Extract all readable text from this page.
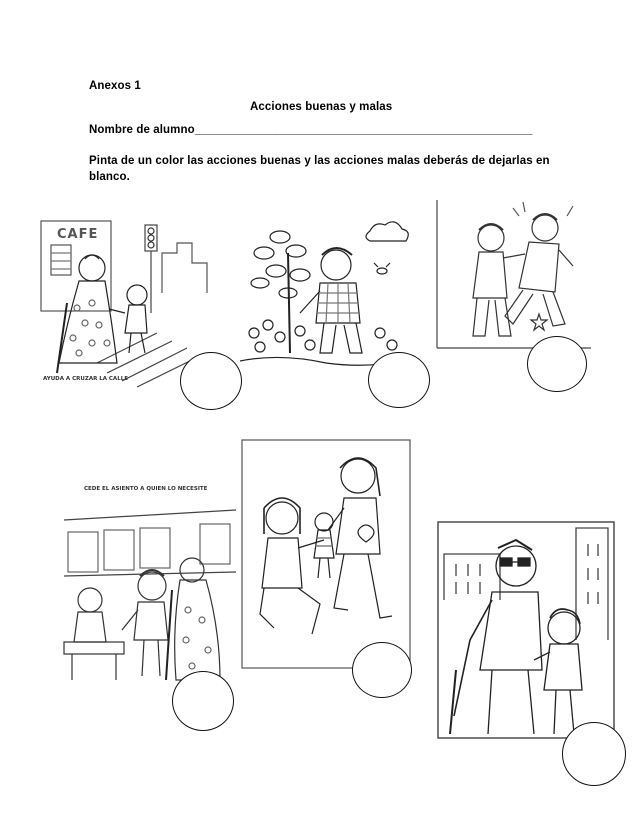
Anexos 1
Acciones buenas y malas
Nombre de alumno____________________________________________________
Pinta de un color las acciones buenas y las acciones malas deberás de dejarlas en blanco.
CAFE
AYUDA A CRUZAR LA CALLE
CEDE EL ASIENTO A QUIEN LO NECESITE
